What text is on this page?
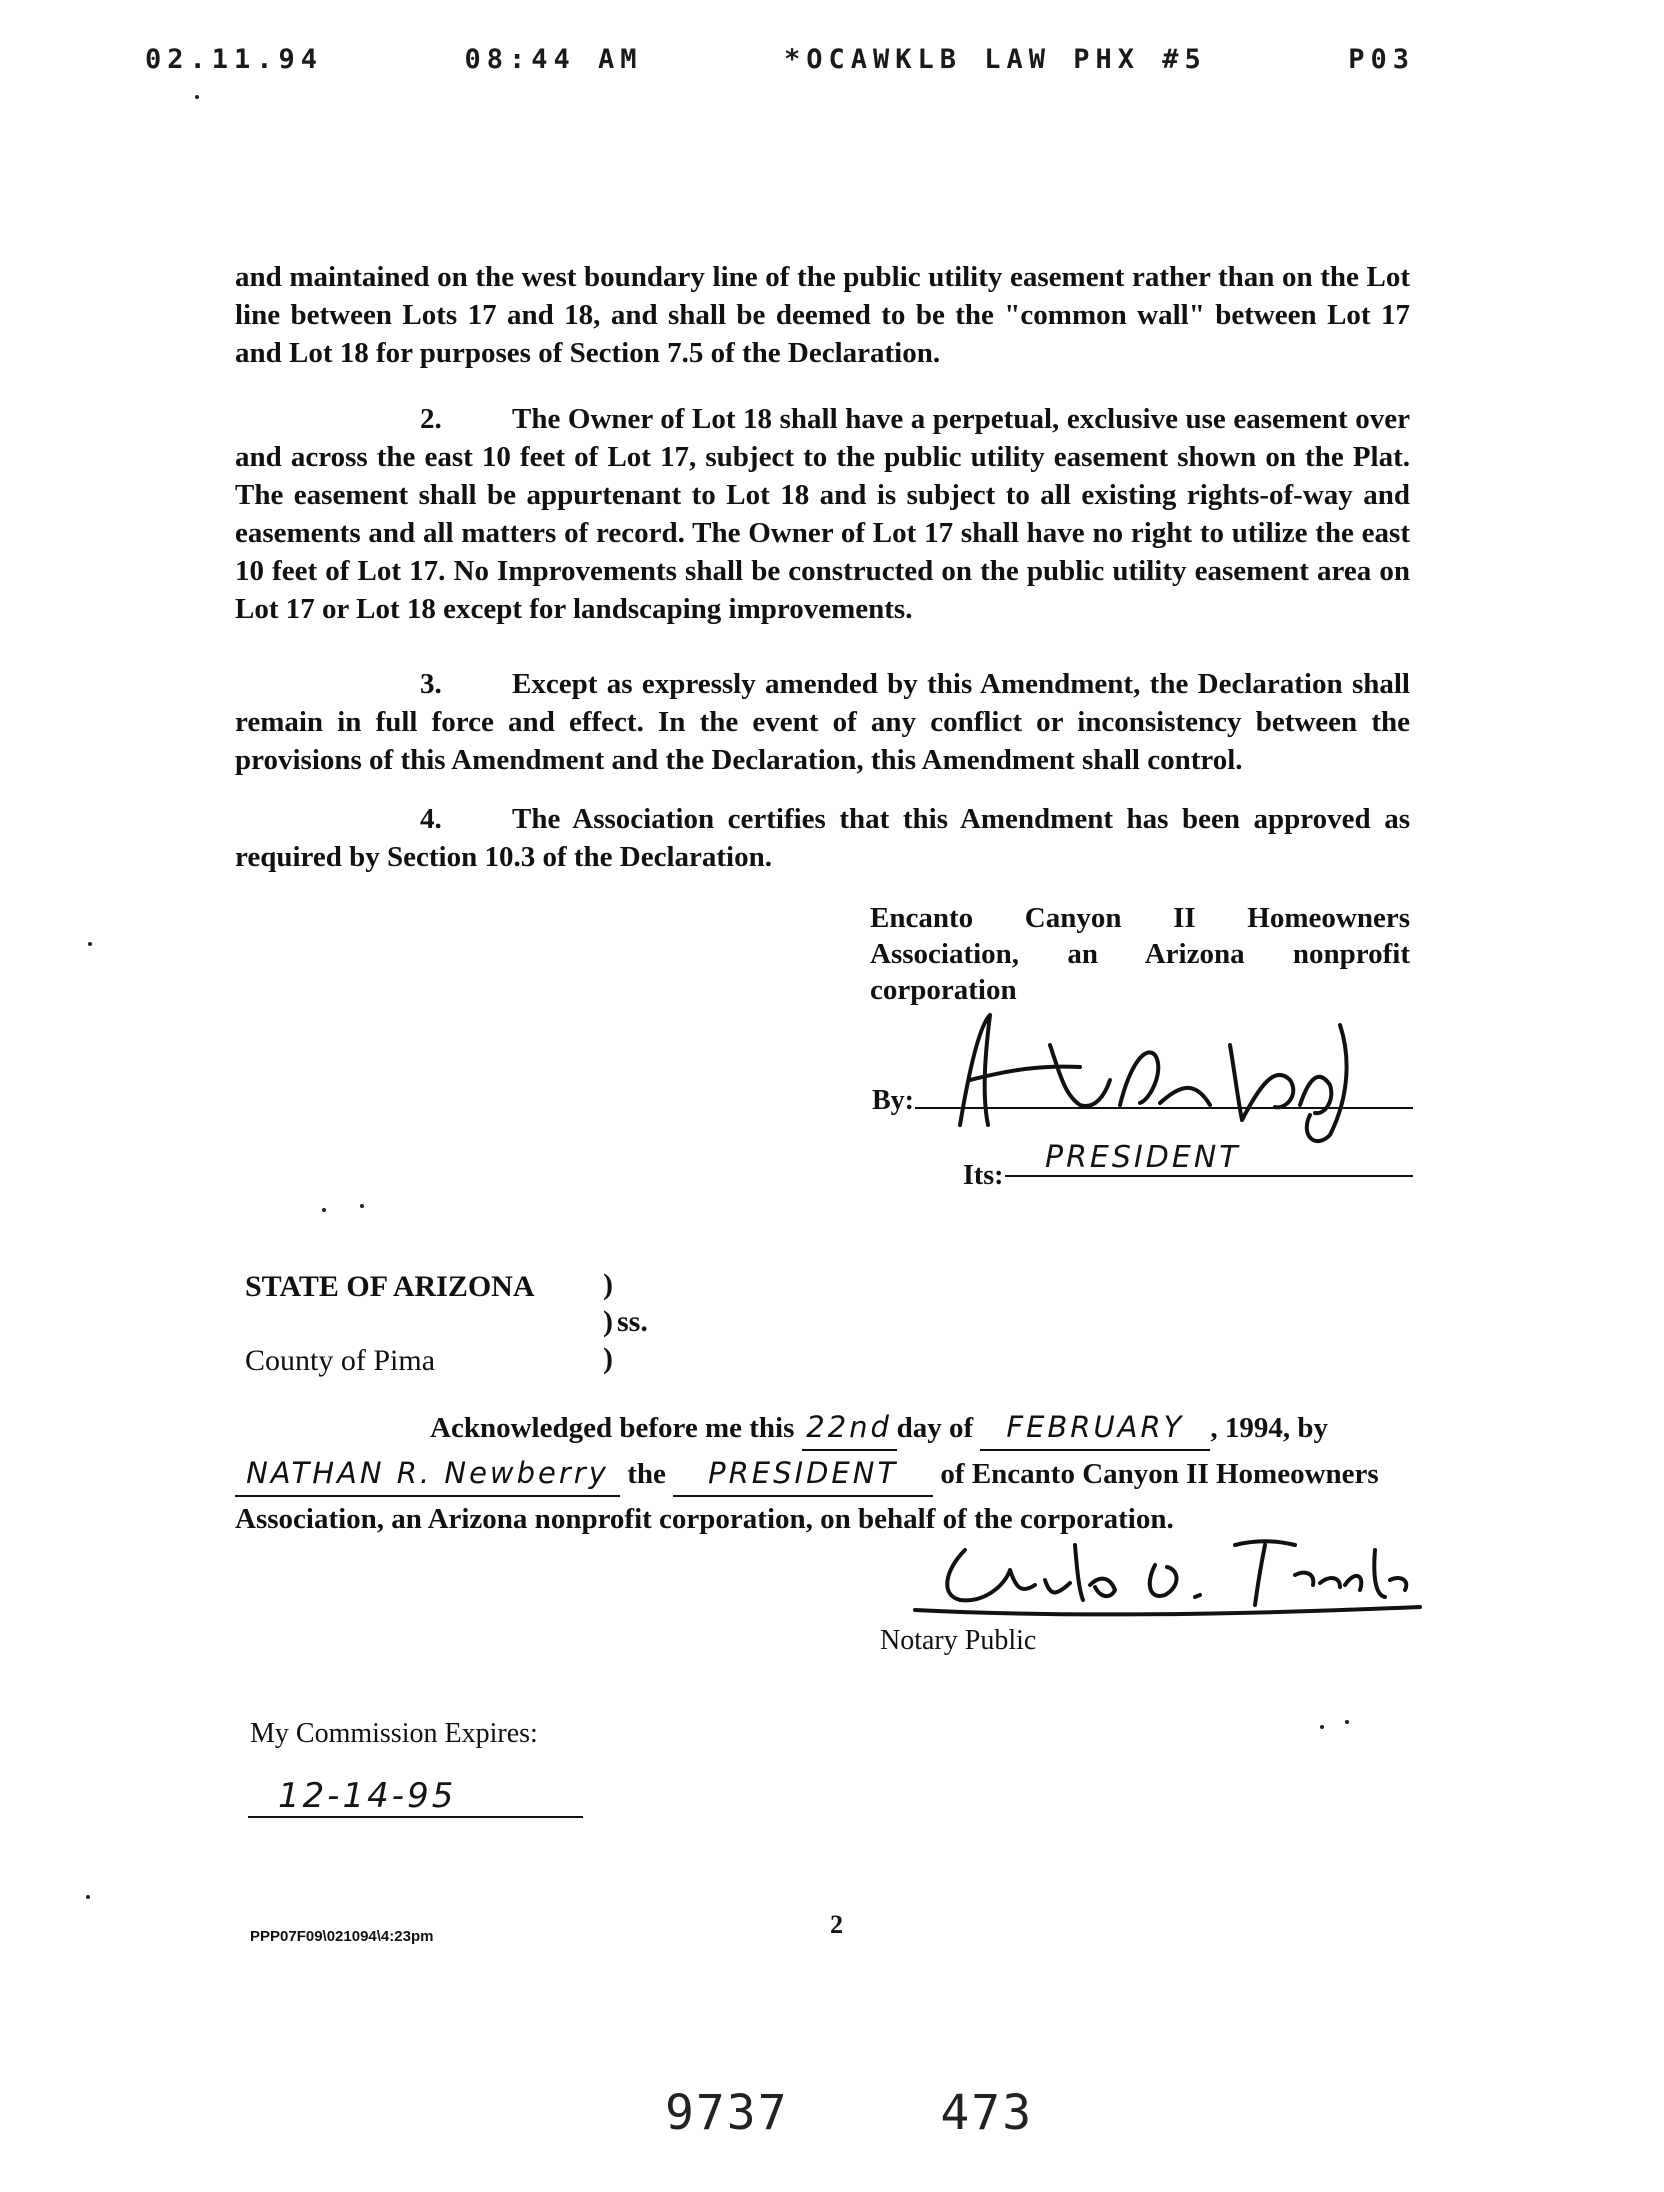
02.11.94	08:44 AM	*OCAWKLB LAW PHX #5	P03
and maintained on the west boundary line of the public utility easement rather than on the Lot line between Lots 17 and 18, and shall be deemed to be the "common wall" between Lot 17 and Lot 18 for purposes of Section 7.5 of the Declaration.
2. The Owner of Lot 18 shall have a perpetual, exclusive use easement over and across the east 10 feet of Lot 17, subject to the public utility easement shown on the Plat. The easement shall be appurtenant to Lot 18 and is subject to all existing rights-of-way and easements and all matters of record. The Owner of Lot 17 shall have no right to utilize the east 10 feet of Lot 17. No Improvements shall be constructed on the public utility easement area on Lot 17 or Lot 18 except for landscaping improvements.
3. Except as expressly amended by this Amendment, the Declaration shall remain in full force and effect. In the event of any conflict or inconsistency between the provisions of this Amendment and the Declaration, this Amendment shall control.
4. The Association certifies that this Amendment has been approved as required by Section 10.3 of the Declaration.
Encanto Canyon II Homeowners Association, an Arizona nonprofit corporation
By:
Its:
PRESIDENT
STATE OF ARIZONA )
) ss.
)
County of Pima
Acknowledged before me this 22nd day of FEBRUARY , 1994, by
NATHAN R. Newberry the PRESIDENT of Encanto Canyon II Homeowners Association, an Arizona nonprofit corporation, on behalf of the corporation.
Notary Public
My Commission Expires:
12-14-95
PPP07F09\021094\4:23pm	2
9737	473
